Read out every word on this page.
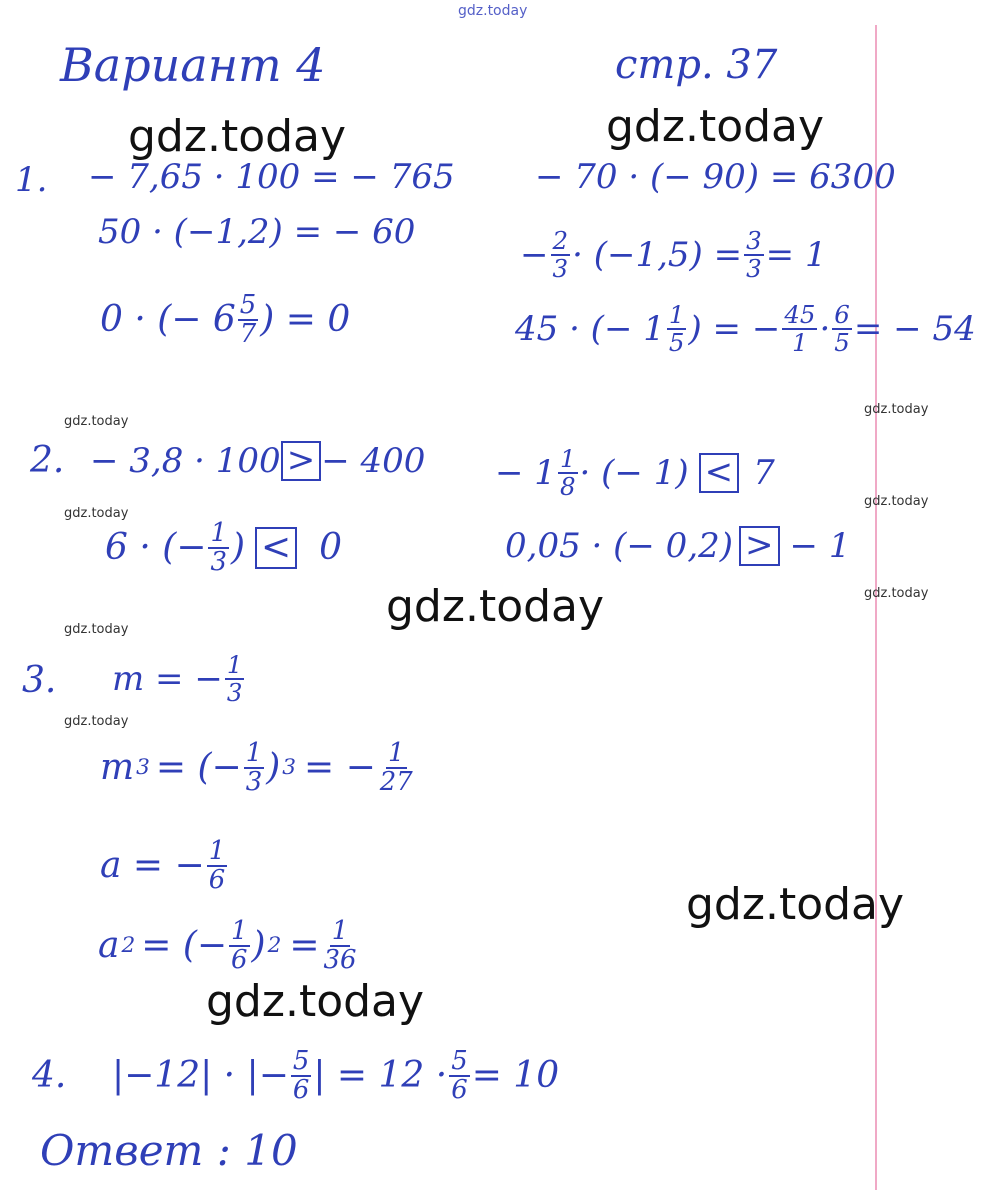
gdz.today
gdz.today	gdz.today
gdz.today
gdz.today
gdz.today
gdz.today
gdz.today
gdz.today
gdz.today
gdz.today
gdz.today
gdz.today
Вариант 4	стр. 37
1. − 7,65 · 100 = − 765
50 · (−1,2) = − 60
0 · (− $6 \frac{5}{7}$ ) = 0
− 70 · (− 90) = 6300
− $\frac{2}{3} \cdot (-1,5) = \frac{3}{3} = 1$
45 · (− $1 \frac{1}{5}$ ) = − $\frac{45}{1} \cdot \frac{6}{5}$ = − 54
2. − 3,8 · 100 > − 400
6 · (− $\frac{1}{3}$ ) < 0
− $1 \frac{1}{8}$ · (− 1) < 7
0,05 · (− 0,2) > − 1
3. m = − $\frac{1}{3}$
m 3 = (− $\frac{1}{3}$ ) 3 = − $\frac{1}{27}$
a = − $\frac{1}{6}$
a 2 = (− $\frac{1}{6}$ ) $2 = \frac{1}{36}$
4. |−12| · |− $\frac{5}{6}$ | = $12 \cdot \frac{5}{6} = 10$
Ответ : 10
